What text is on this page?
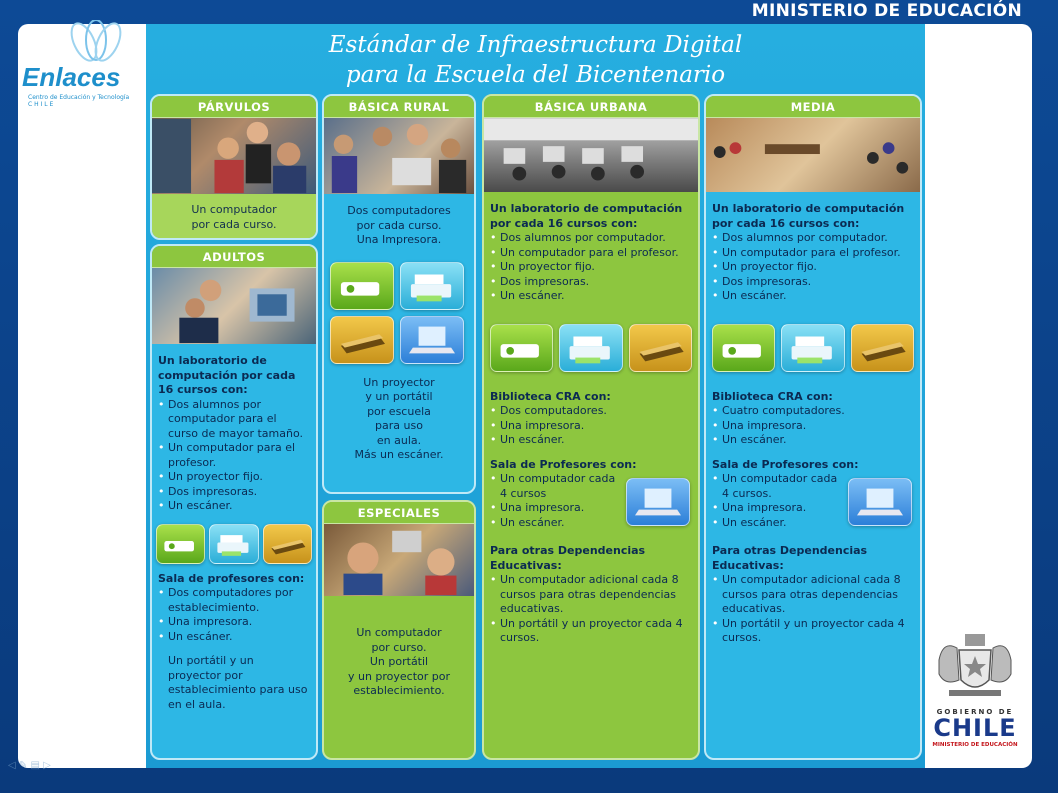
MINISTERIO DE EDUCACIÓN
Enlaces
Centro de Educación y Tecnología
C H I L E
Estándar de Infraestructura Digital
para la Escuela del Bicentenario
PÁRVULOS
Un computador
por cada curso.
BÁSICA RURAL
Dos computadores
por cada curso.
Una Impresora.
Un proyector
y un portátil
por escuela
para uso
en aula.
Más un escáner.
ADULTOS
Un laboratorio de computación por cada 16 cursos con:
• Dos alumnos por computador para el curso de mayor tamaño.
• Un computador para el profesor.
• Un proyector fijo.
• Dos impresoras.
• Un escáner.
Sala de profesores con:
• Dos computadores por establecimiento.
• Una impresora.
• Un escáner.
Un portátil y un proyector por establecimiento para uso en el aula.
ESPECIALES
Un computador
por curso.
Un portátil
y un proyector por
establecimiento.
BÁSICA URBANA
Un laboratorio de computación por cada 16 cursos con:
• Dos alumnos por computador.
• Un computador para el profesor.
• Un proyector fijo.
• Dos impresoras.
• Un escáner.
Biblioteca CRA con:
• Dos computadores.
• Una impresora.
• Un escáner.
Sala de Profesores con:
• Un computador cada 4 cursos
• Una impresora.
• Un escáner.
Para otras Dependencias Educativas:
• Un computador adicional cada 8 cursos para otras dependencias educativas.
• Un portátil y un proyector cada 4 cursos.
MEDIA
Un laboratorio de computación por cada 16 cursos con:
• Dos alumnos por computador.
• Un computador para el profesor.
• Un proyector fijo.
• Dos impresoras.
• Un escáner.
Biblioteca CRA con:
• Cuatro computadores.
• Una impresora.
• Un escáner.
Sala de Profesores con:
• Un computador cada 4 cursos.
• Una impresora.
• Un escáner.
Para otras Dependencias Educativas:
• Un computador adicional cada 8 cursos para otras dependencias educativas.
• Un portátil y un proyector cada 4 cursos.
GOBIERNO DE
CHILE
MINISTERIO DE EDUCACIÓN
◁ ✎ ▤ ▷
